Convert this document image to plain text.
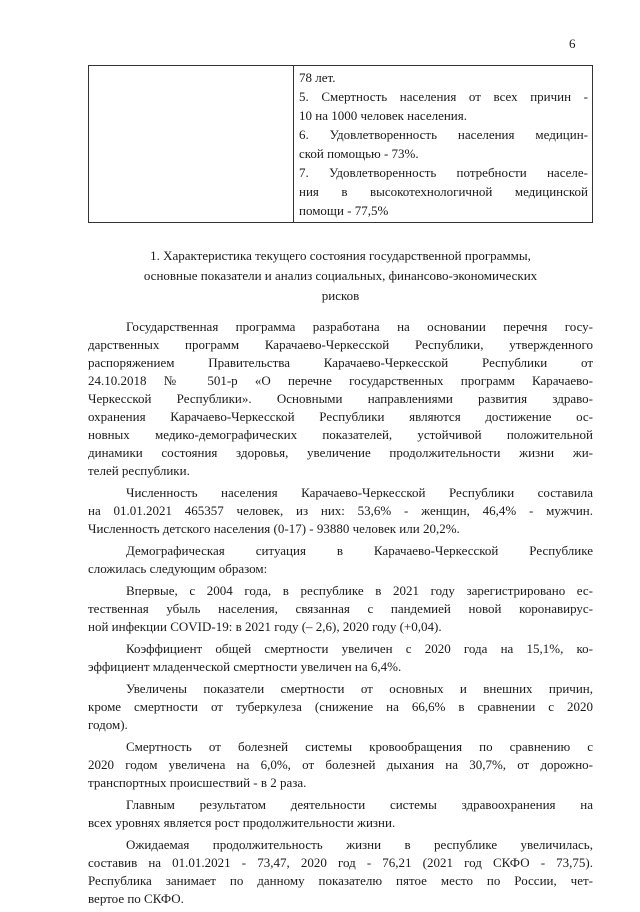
6

78 лет.
5. Смертность населения от всех причин -
10 на 1000 человек населения.
6. Удовлетворенность населения медицин-
ской помощью - 73%.
7. Удовлетворенность потребности населе-
ния в высокотехнологичной медицинской
помощи - 77,5%
1. Характеристика текущего состояния государственной программы,
основные показатели и анализ социальных, финансово-экономических
рисков
Государственная программа разработана на основании перечня госу-
дарственных программ Карачаево-Черкесской Республики, утвержденного
распоряжением Правительства Карачаево-Черкесской Республики от
24.10.2018 № 501-р «О перечне государственных программ Карачаево-
Черкесской Республики». Основными направлениями развития здраво-
охранения Карачаево-Черкесской Республики являются достижение ос-
новных медико-демографических показателей, устойчивой положительной
динамики состояния здоровья, увеличение продолжительности жизни жи-
телей республики.
Численность населения Карачаево-Черкесской Республики составила
на 01.01.2021 465357 человек, из них: 53,6% - женщин, 46,4% - мужчин.
Численность детского населения (0-17) - 93880 человек или 20,2%.
Демографическая ситуация в Карачаево-Черкесской Республике
сложилась следующим образом:
Впервые, с 2004 года, в республике в 2021 году зарегистрировано ес-
тественная убыль населения, связанная с пандемией новой коронавирус-
ной инфекции COVID-19: в 2021 году (– 2,6), 2020 году (+0,04).
Коэффициент общей смертности увеличен с 2020 года на 15,1%, ко-
эффициент младенческой смертности увеличен на 6,4%.
Увеличены показатели смертности от основных и внешних причин,
кроме смертности от туберкулеза (снижение на 66,6% в сравнении с 2020
годом).
Смертность от болезней системы кровообращения по сравнению с
2020 годом увеличена на 6,0%, от болезней дыхания на 30,7%, от дорожно-
транспортных происшествий - в 2 раза.
Главным результатом деятельности системы здравоохранения на
всех уровнях является рост продолжительности жизни.
Ожидаемая продолжительность жизни в республике увеличилась,
составив на 01.01.2021 - 73,47, 2020 год - 76,21 (2021 год СКФО - 73,75).
Республика занимает по данному показателю пятое место по России, чет-
вертое по СКФО.
